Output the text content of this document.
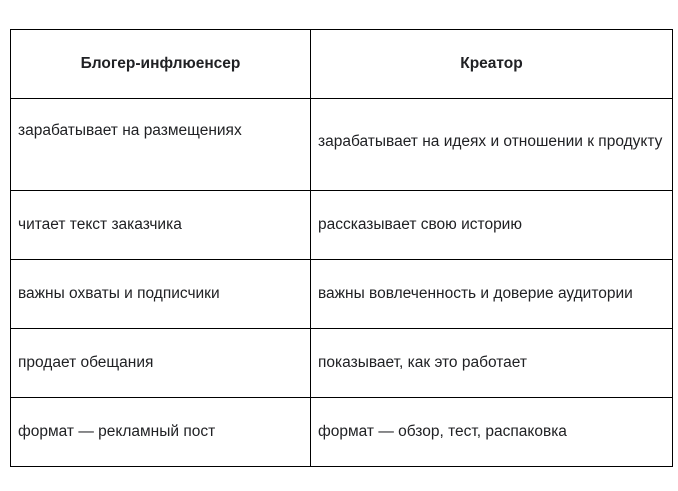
Блогер-инфлюенсер	Креатор

зарабатывает на размещениях	зарабатывает на идеях и отношении к продукту

читает текст заказчика	рассказывает свою историю

важны охваты и подписчики	важны вовлеченность и доверие аудитории

продает обещания	показывает, как это работает

формат — рекламный пост	формат — обзор, тест, распаковка
